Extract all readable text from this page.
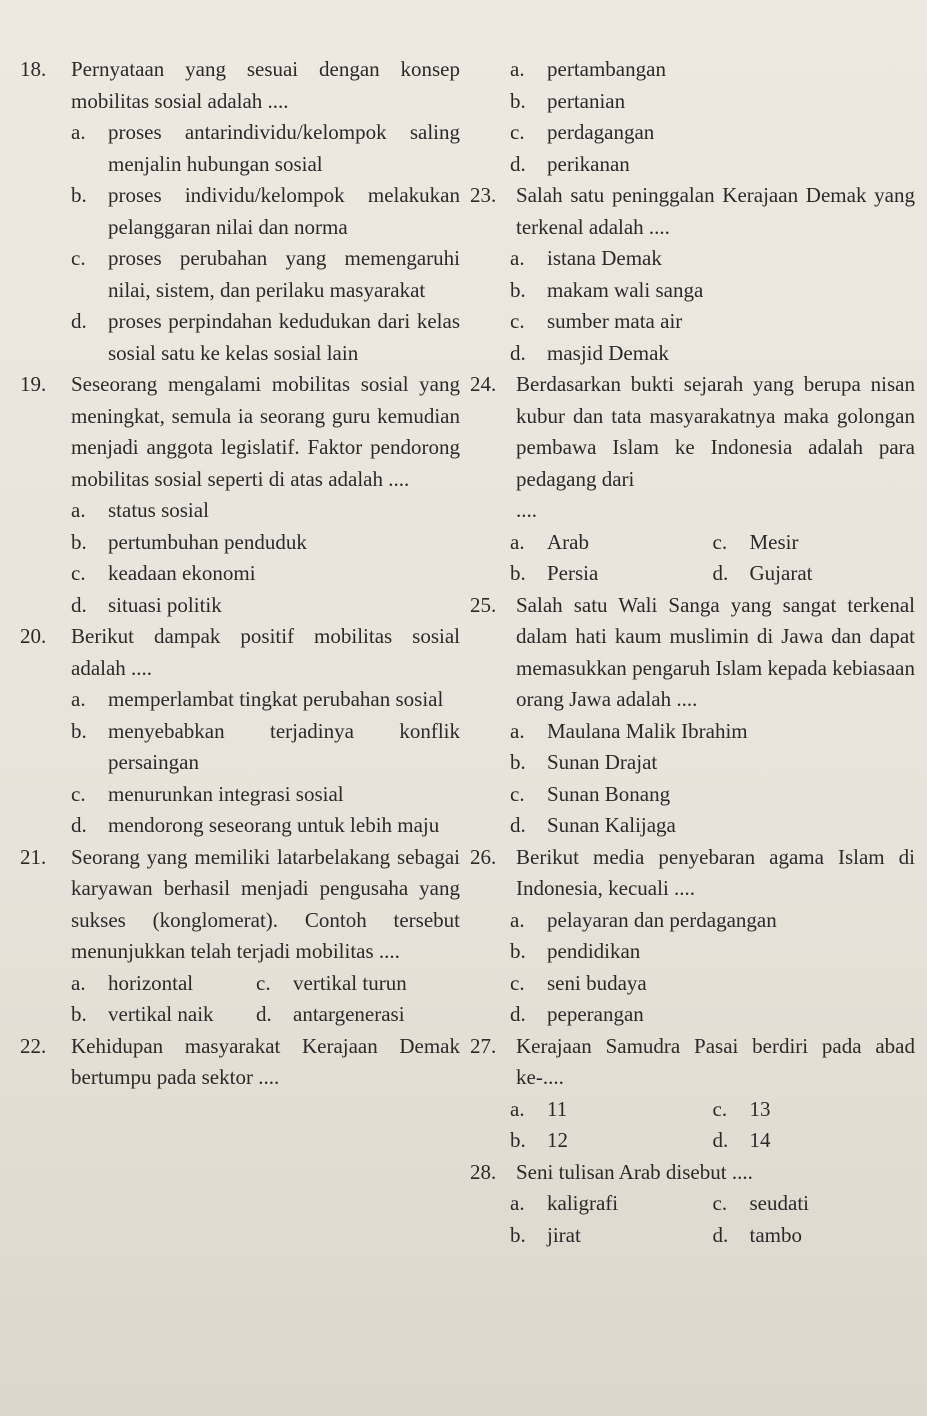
18. Pernyataan yang sesuai dengan konsep mobilitas sosial adalah ....
a.	proses antarindividu/kelompok saling menjalin hubungan sosial
b.	proses individu/kelompok melakukan pelanggaran nilai dan norma
c.	proses perubahan yang memengaruhi nilai, sistem, dan perilaku masyarakat
d.	proses perpindahan kedudukan dari kelas sosial satu ke kelas sosial lain
19. Seseorang mengalami mobilitas sosial yang meningkat, semula ia seorang guru kemudian menjadi anggota legislatif. Faktor pendorong mobilitas sosial seperti di atas adalah ....
a.	status sosial
b.	pertumbuhan penduduk
c.	keadaan ekonomi
d.	situasi politik
20. Berikut dampak positif mobilitas sosial adalah ....
a.	memperlambat tingkat perubahan sosial
b.	menyebabkan terjadinya konflik persaingan
c.	menurunkan integrasi sosial
d.	mendorong seseorang untuk lebih maju
21. Seorang yang memiliki latarbelakang sebagai karyawan berhasil menjadi pengusaha yang sukses (konglomerat). Contoh tersebut menunjukkan telah terjadi mobilitas ....
a.	horizontal	c.	vertikal turun
b.	vertikal naik	d.	antargenerasi
22. Kehidupan masyarakat Kerajaan Demak bertumpu pada sektor ....
a.	pertambangan
b.	pertanian
c.	perdagangan
d.	perikanan
23. Salah satu peninggalan Kerajaan Demak yang terkenal adalah ....
a.	istana Demak
b.	makam wali sanga
c.	sumber mata air
d.	masjid Demak
24. Berdasarkan bukti sejarah yang berupa nisan kubur dan tata masyarakatnya maka golongan pembawa Islam ke Indonesia adalah para pedagang dari
....
a.	Arab	c.	Mesir
b.	Persia	d.	Gujarat
25. Salah satu Wali Sanga yang sangat terkenal dalam hati kaum muslimin di Jawa dan dapat memasukkan pengaruh Islam kepada kebiasaan orang Jawa adalah ....
a.	Maulana Malik Ibrahim
b.	Sunan Drajat
c.	Sunan Bonang
d.	Sunan Kalijaga
26. Berikut media penyebaran agama Islam di Indonesia, kecuali ....
a.	pelayaran dan perdagangan
b.	pendidikan
c.	seni budaya
d.	peperangan
27. Kerajaan Samudra Pasai berdiri pada abad ke-....
a.	11	c.	13
b.	12	d.	14
28. Seni tulisan Arab disebut ....
a.	kaligrafi	c.	seudati
b.	jirat	d.	tambo
